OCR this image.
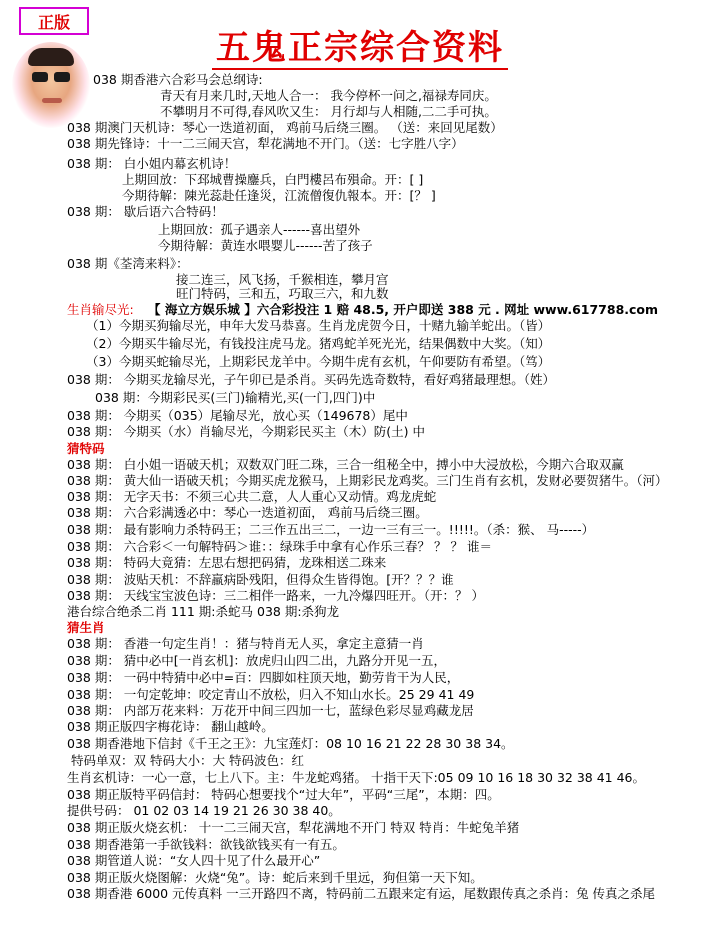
正版
五鬼正宗综合资料
038 期香港六合彩马会总纲诗:
青天有月来几时,天地人合一： 我今停杯一问之,福禄寿同庆。
不攀明月不可得,春风吹又生： 月行却与人相随,二二手可执。
038 期澳门天机诗：琴心一迭道初面， 鸡前马后绕三圈。 （送：来回见尾数）
038 期先锋诗：十一二三闹天宫，犁花满地不开门。（送：七字胜八字）
038 期： 白小姐内幕玄机诗！
上期回放：下邳城曹操鏖兵，白門樓呂布殞命。开：[ ]
今期待解：陳光蕊赴任逢災，江流僧復仇報本。开：[？ ]
038 期： 歇后语六合特码！
上期回放：孤子遇亲人------喜出望外
今期待解：黄连水喂婴儿------苦了孩子
038 期《荃湾来料》：
接二连三，风飞扬，千猴相连，攀月宫
旺门特码，三和五，巧取三六，和九数
生肖输尽光: 【 海立方娱乐城 】六合彩投注 1 赔 48.5, 开户即送 388 元 . 网址 www.617788.com
（1）今期买狗输尽光，申年大发马恭喜。生肖龙虎贺今日，十赌九输羊蛇出。（皆）
（2）今期买牛输尽光，有钱投注虎马龙。猪鸡蛇羊死光光，结果偶数中大奖。（知）
（3）今期买蛇输尽光，上期彩民龙羊中。今期牛虎有玄机，午仰要防有希望。（笃）
038 期： 今期买龙输尽光，子午卯已是杀肖。买码先选奇数特，看好鸡猪最理想。（姓）
038 期：今期彩民买(三门)输精光,买(一门,四门)中
038 期： 今期买（035）尾输尽光，放心买（149678）尾中
038 期： 今期买（水）肖输尽光，今期彩民买主（木）防(土) 中
猜特码
038 期： 白小姐一语破天机；双数双门旺二珠，三合一组秘全中，搏小中大浸放松，今期六合取双赢
038 期： 黄大仙一语破天机；今期买虎龙猴马，上期彩民龙鸡奖。三门生肖有玄机，发财必要贺猪牛。（河）
038 期： 无字天书：不须三心共二意，人人重心又动情。鸡龙虎蛇
038 期： 六合彩满透必中：琴心一迭道初面， 鸡前马后绕三圈。
038 期： 最有影响力杀特码王；二三作五出三二，一边一三有三一。!!!!!。（杀：猴、 马-----）
038 期： 六合彩＜一句解特码＞谁：：绿珠手中拿有心作乐三春？ ？ ？ 谁＝
038 期： 特码大竟猜：左思右想把码猜，龙珠相送二珠来
038 期： 波贴天机：不辞羸病卧残阳，但得众生皆得饱。[开？？？谁
038 期： 天线宝宝波色诗：三二相伴一路来，一九冷爆四旺开。（开：？ ）
港台综合绝杀二肖 111 期:杀蛇马 038 期:杀狗龙
猜生肖
038 期： 香港一句定生肖！：猪与特肖无人买，拿定主意猜一肖
038 期： 猜中必中[一肖玄机]：放虎归山四二出，九路分开见一五，
038 期： 一码中特猜中必中=百：四脚如柱顶天地，勤劳肯干为人民，
038 期： 一句定乾坤：咬定青山不放松，归入不知山水长。25 29 41 49
038 期： 内部万花来料：万花开中间三四加一七，蓝绿色彩尽显鸡藏龙居
038 期正版四字梅花诗： 翻山越岭。
038 期香港地下信封《千王之王》：九宝莲灯：08 10 16 21 22 28 30 38 34。
特码单双：双 特码大小：大 特码波色：红
生肖玄机诗：一心一意，七上八下。主：牛龙蛇鸡猪。 十指干天下:05 09 10 16 18 30 32 38 41 46。
038 期正版特平码信封： 特码心想要找个“过大年”，平码“三尾”，本期：四。
提供号码： 01 02 03 14 19 21 26 30 38 40。
038 期正版火烧玄机： 十一二三闹天宫，犁花满地不开门 特双 特肖：牛蛇兔羊猪
038 期香港第一手欲钱料：欲钱欲钱买有一有五。
038 期管道人说：“女人四十见了什么最开心”
038 期正版火烧图解：火烧“兔”。诗：蛇后来到千里远，狗但第一天下知。
038 期香港 6000 元传真料 一三开路四不离，特码前二五跟来定有运，尾数跟传真之杀肖：兔 传真之杀尾
